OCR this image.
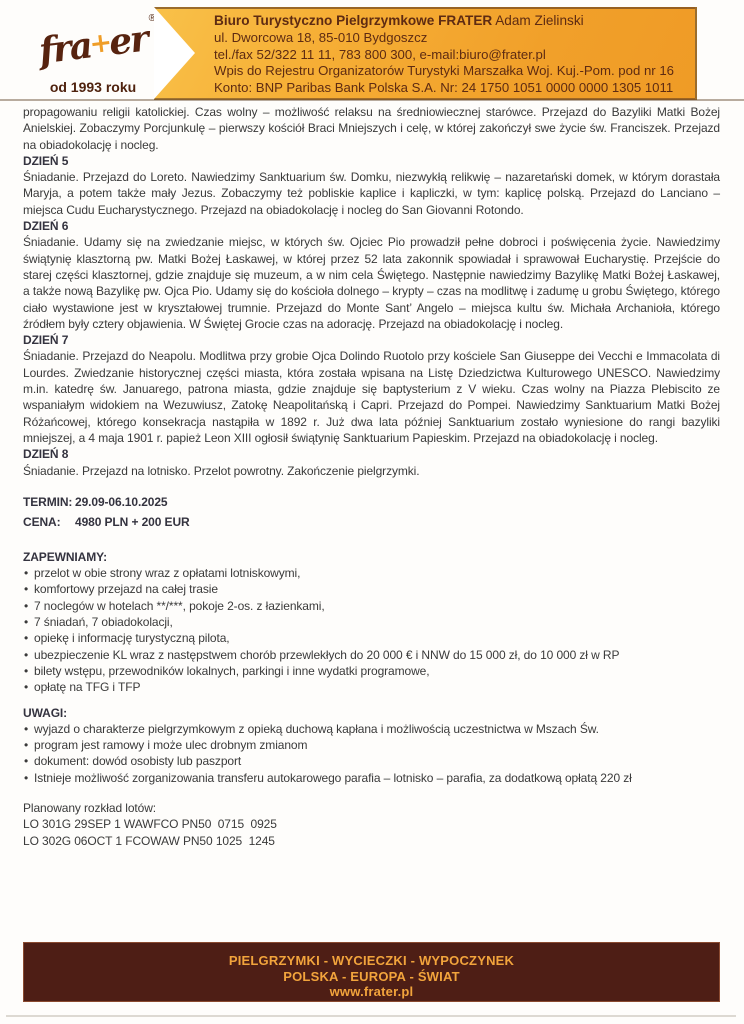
®
fra+er
od 1993 roku
Biuro Turystyczno Pielgrzymkowe FRATER Adam Zielinski
ul. Dworcowa 18, 85-010 Bydgoszcz
tel./fax 52/322 11 11, 783 800 300, e-mail:biuro@frater.pl
Wpis do Rejestru Organizatorów Turystyki Marszałka Woj. Kuj.-Pom. pod nr 16
Konto: BNP Paribas Bank Polska S.A. Nr: 24 1750 1051 0000 0000 1305 1011

propagowaniu religii katolickiej. Czas wolny – możliwość relaksu na średniowiecznej starówce. Przejazd do Bazyliki Matki Bożej Anielskiej. Zobaczymy Porcjunkulę – pierwszy kościół Braci Mniejszych i celę, w której zakończył swe życie św. Franciszek. Przejazd na obiadokolację i nocleg.

DZIEŃ 5

Śniadanie. Przejazd do Loreto. Nawiedzimy Sanktuarium św. Domku, niezwykłą relikwię – nazaretański domek, w którym dorastała Maryja, a potem także mały Jezus. Zobaczymy też pobliskie kaplice i kapliczki, w tym: kaplicę polską. Przejazd do Lanciano – miejsca Cudu Eucharystycznego. Przejazd na obiadokolację i nocleg do San Giovanni Rotondo.

DZIEŃ 6

Śniadanie. Udamy się na zwiedzanie miejsc, w których św. Ojciec Pio prowadził pełne dobroci i poświęcenia życie. Nawiedzimy świątynię klasztorną pw. Matki Bożej Łaskawej, w której przez 52 lata zakonnik spowiadał i sprawował Eucharystię. Przejście do starej części klasztornej, gdzie znajduje się muzeum, a w nim cela Świętego. Następnie nawiedzimy Bazylikę Matki Bożej Łaskawej, a także nową Bazylikę pw. Ojca Pio. Udamy się do kościoła dolnego – krypty – czas na modlitwę i zadumę u grobu Świętego, którego ciało wystawione jest w kryształowej trumnie. Przejazd do Monte Sant’ Angelo – miejsca kultu św. Michała Archanioła, którego źródłem były cztery objawienia. W Świętej Grocie czas na adorację. Przejazd na obiadokolację i nocleg.

DZIEŃ 7

Śniadanie. Przejazd do Neapolu. Modlitwa przy grobie Ojca Dolindo Ruotolo przy kościele San Giuseppe dei Vecchi e Immacolata di Lourdes. Zwiedzanie historycznej części miasta, która została wpisana na Listę Dziedzictwa Kulturowego UNESCO. Nawiedzimy m.in. katedrę św. Januarego, patrona miasta, gdzie znajduje się baptysterium z V wieku. Czas wolny na Piazza Plebiscito ze wspaniałym widokiem na Wezuwiusz, Zatokę Neapolitańską i Capri. Przejazd do Pompei. Nawiedzimy Sanktuarium Matki Bożej Różańcowej, którego konsekracja nastąpiła w 1892 r. Już dwa lata później Sanktuarium zostało wyniesione do rangi bazyliki mniejszej, a 4 maja 1901 r. papież Leon XIII ogłosił świątynię Sanktuarium Papieskim. Przejazd na obiadokolację i nocleg.

DZIEŃ 8

Śniadanie. Przejazd na lotnisko. Przelot powrotny. Zakończenie pielgrzymki.

TERMIN: 29.09-06.10.2025
CENA:	4980 PLN + 200 EUR
ZAPEWNIAMY:
• przelot w obie strony wraz z opłatami lotniskowymi,
• komfortowy przejazd na całej trasie
• 7 noclegów w hotelach **/***, pokoje 2-os. z łazienkami,
• 7 śniadań, 7 obiadokolacji,
• opiekę i informację turystyczną pilota,
• ubezpieczenie KL wraz z następstwem chorób przewlekłych do 20 000 € i NNW do 15 000 zł, do 10 000 zł w RP
• bilety wstępu, przewodników lokalnych, parkingi i inne wydatki programowe,
• opłatę na TFG i TFP
UWAGI:
• wyjazd o charakterze pielgrzymkowym z opieką duchową kapłana i możliwością uczestnictwa w Mszach Św.
• program jest ramowy i może ulec drobnym zmianom
• dokument: dowód osobisty lub paszport
• Istnieje możliwość zorganizowania transferu autokarowego parafia – lotnisko – parafia, za dodatkową opłatą 220 zł
Planowany rozkład lotów:
LO 301G 29SEP 1 WAWFCO PN50  0715  0925
LO 302G 06OCT 1 FCOWAW PN50 1025  1245
PIELGRZYMKI - WYCIECZKI - WYPOCZYNEK
POLSKA - EUROPA - ŚWIAT
www.frater.pl
